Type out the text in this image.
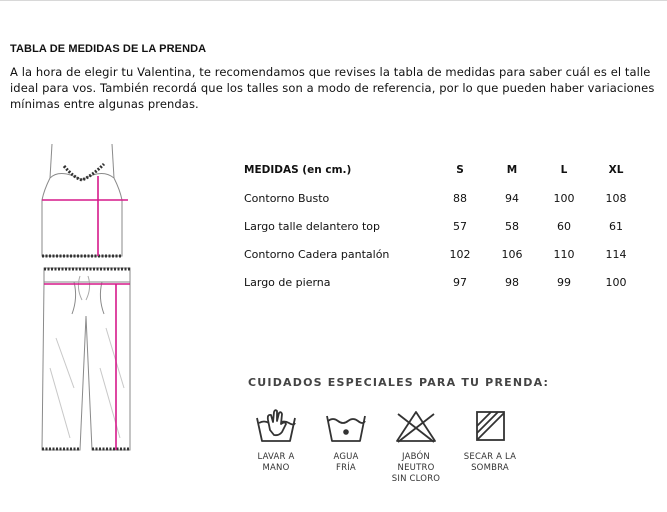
TABLA DE MEDIDAS DE LA PRENDA
A la hora de elegir tu Valentina, te recomendamos que revises la tabla de medidas para saber cuál es el talle ideal para vos. También recordá que los talles son a modo de referencia, por lo que pueden haber variaciones mínimas entre algunas prendas.
MEDIDAS (en cm.)	S	M	L	XL
Contorno Busto	88	94	100	108
Largo talle delantero top	57	58	60	61
Contorno Cadera pantalón	102	106	110	114
Largo de pierna	97	98	99	100
CUIDADOS ESPECIALES PARA TU PRENDA:
LAVAR A
MANO
AGUA
FRÍA
JABÓN NEUTRO
SIN CLORO
SECAR A LA
SOMBRA
